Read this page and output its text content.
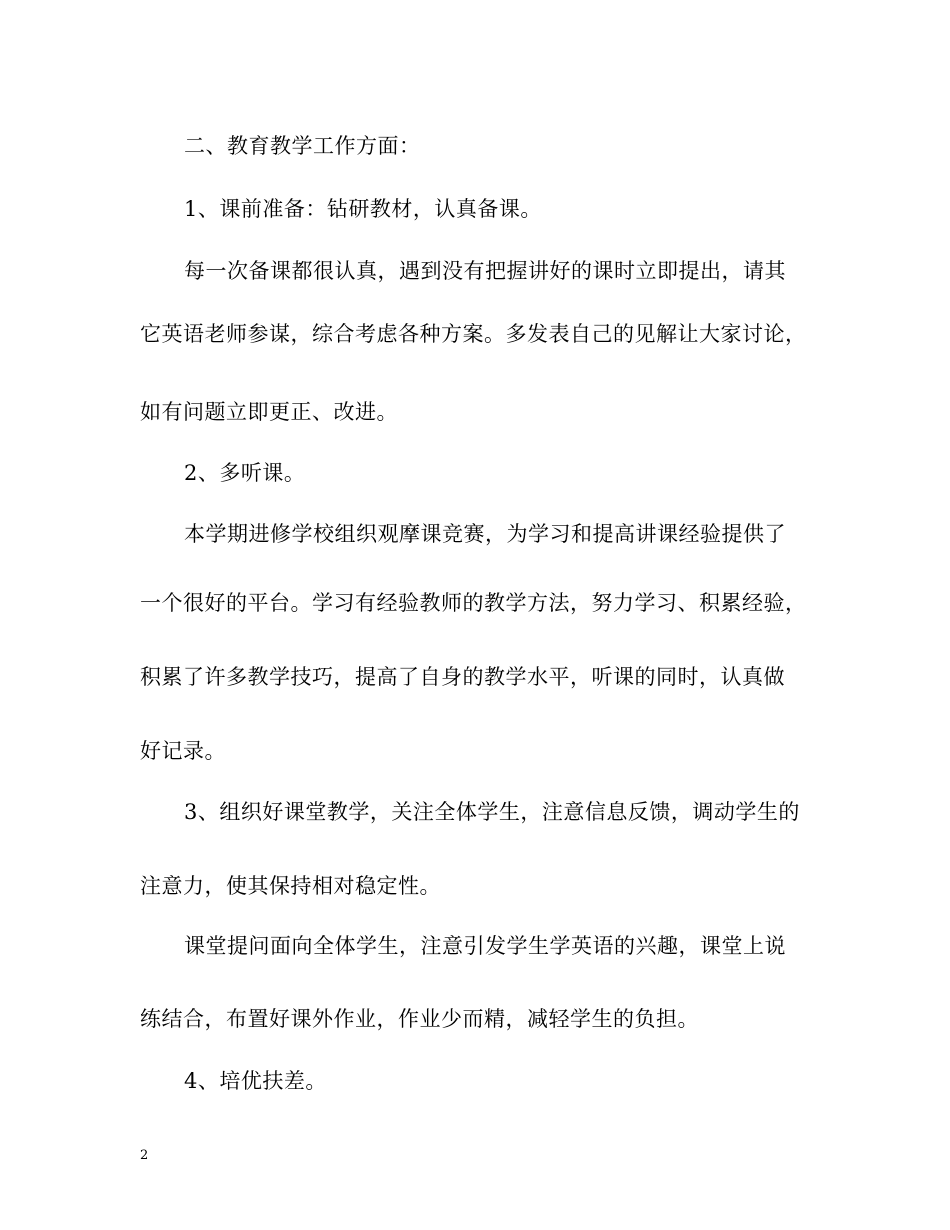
二、教育教学工作方面：
1、课前准备：钻研教材，认真备课。
每一次备课都很认真，遇到没有把握讲好的课时立即提出，请其
它英语老师参谋，综合考虑各种方案。多发表自己的见解让大家讨论，
如有问题立即更正、改进。
2、多听课。
本学期进修学校组织观摩课竞赛，为学习和提高讲课经验提供了
一个很好的平台。学习有经验教师的教学方法，努力学习、积累经验，
积累了许多教学技巧，提高了自身的教学水平，听课的同时，认真做
好记录。
3、组织好课堂教学，关注全体学生，注意信息反馈，调动学生的
注意力，使其保持相对稳定性。
课堂提问面向全体学生，注意引发学生学英语的兴趣，课堂上说
练结合，布置好课外作业，作业少而精，减轻学生的负担。
4、培优扶差。
2
